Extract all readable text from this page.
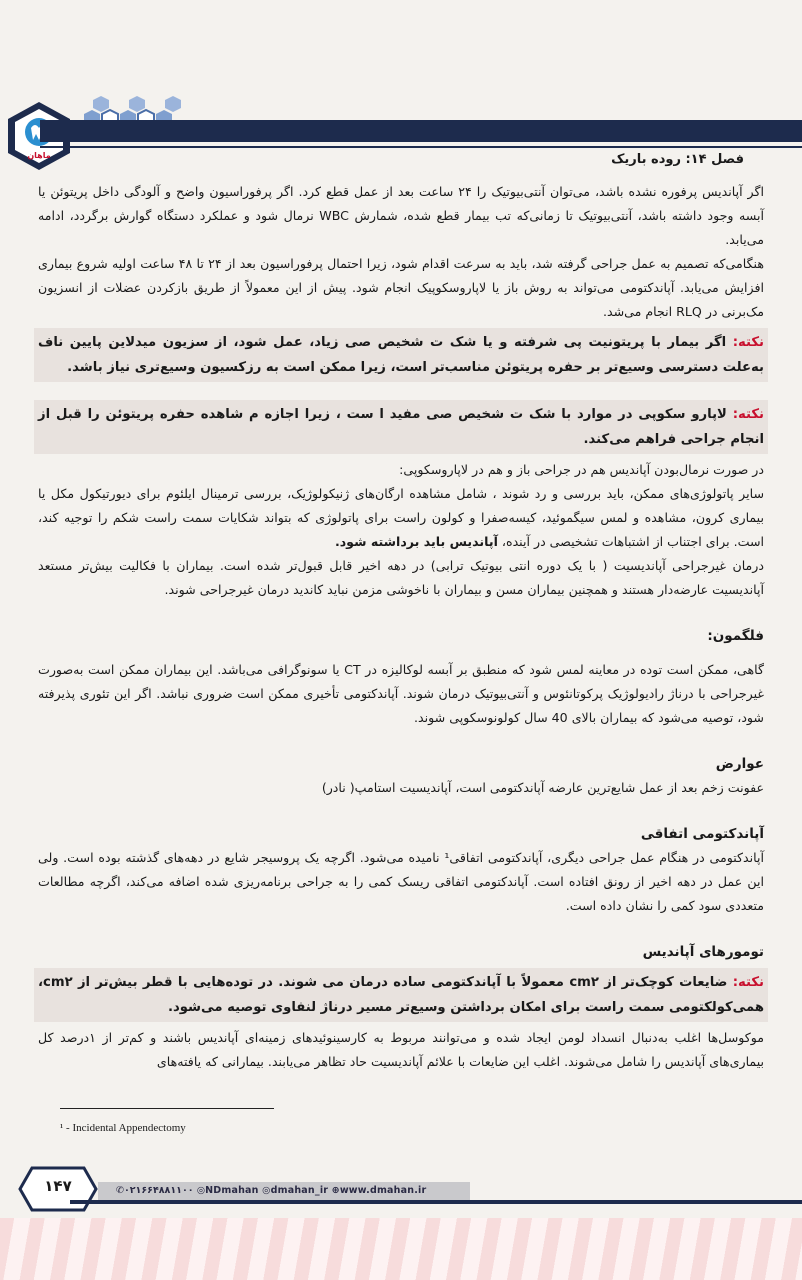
ماهان	فصل ۱۴: روده باریک

اگر آپاندیس پرفوره نشده باشد، می‌توان آنتی‌بیوتیک را ۲۴ ساعت بعد از عمل قطع کرد. اگر پرفوراسیون واضح و آلودگی داخل پریتوئن یا آبسه وجود داشته باشد، آنتی‌بیوتیک تا زمانی‌که تب بیمار قطع شده، شمارش WBC نرمال شود و عملکرد دستگاه گوارش برگردد، ادامه می‌یابد.

هنگامی‌که تصمیم به عمل جراحی گرفته شد، باید به سرعت اقدام شود، زیرا احتمال پرفوراسیون بعد از ۲۴ تا ۴۸ ساعت اولیه شروع بیماری افزایش می‌یابد. آپاندکتومی می‌تواند به روش باز یا لاپاروسکوپیک انجام شود. پیش از این معمولاً از طریق بازکردن عضلات از انسزیون مک‌برنی در RLQ انجام می‌شد.

نکته: اگر بیمار با پریتونیت پی شرفته و یا شک ت شخیص صی زیاد، عمل شود، از سزیون میدلاین پایین ناف به‌علت دسترسی وسیع‌تر بر حفره پریتوئن مناسب‌تر است، زیرا ممکن است به رزکسیون وسیع‌تری نیاز باشد.
نکته: لاپارو سکوپی در موارد با شک ت شخیص صی مفید ا ست ، زیرا اجازه م شاهده حفره پریتوئن را قبل از انجام جراحی فراهم می‌کند.

در صورت نرمال‌بودن آپاندیس هم در جراحی باز و هم در لاپاروسکوپی:

سایر پاتولوژی‌های ممکن، باید بررسی و رد شوند ، شامل مشاهده ارگان‌های ژنیکولوژیک، بررسی ترمینال ایلئوم برای دیورتیکول مکل یا بیماری کرون، مشاهده و لمس سیگموئید، کیسه‌صفرا و کولون راست برای پاتولوژی که بتواند شکایات سمت راست شکم را توجیه کند، است. برای اجتناب از اشتباهات تشخیصی در آینده، آپاندیس باید برداشته شود.

درمان غیرجراحی آپاندیسیت ( با یک دوره انتی بیوتیک ترابی) در دهه اخیر قابل قبول‌تر شده است. بیماران با فکالیت بیش‌تر مستعد آپاندیسیت عارضه‌دار هستند و همچنین بیماران مسن و بیماران با ناخوشی مزمن نباید کاندید درمان غیرجراحی شوند.

فلگمون:

گاهی، ممکن است توده در معاینه لمس شود که منطبق بر آبسه لوکالیزه در CT یا سونوگرافی می‌باشد. این بیماران ممکن است به‌صورت غیرجراحی با درناژ رادیولوژیک پرکوتانئوس و آنتی‌بیوتیک درمان شوند. آپاندکتومی تأخیری ممکن است ضروری نباشد. اگر این تئوری پذیرفته شود، توصیه می‌شود که بیماران بالای 40 سال کولونوسکوپی شوند.

عوارض

عفونت زخم بعد از عمل شایع‌ترین عارضه آپاندکتومی است، آپاندیسیت استامپ( نادر)

آپاندکتومی اتفاقی

آپاندکتومی در هنگام عمل جراحی دیگری، آپاندکتومی اتفاقی¹ نامیده می‌شود. اگرچه یک پروسیجر شایع در دهه‌های گذشته بوده است. ولی این عمل در دهه اخیر از رونق افتاده است. آپاندکتومی اتفاقی ریسک کمی را به جراحی برنامه‌ریزی شده اضافه می‌کند، اگرچه مطالعات متعددی سود کمی را نشان داده است.

تومورهای آپاندیس

نکته: ضایعات کوچک‌تر از cm۲ معمولاً با آپاندکتومی ساده درمان می شوند. در توده‌هایی با قطر بیش‌تر از cm۲، همی‌کولکتومی سمت راست برای امکان برداشتن وسیع‌تر مسیر درناژ لنفاوی توصیه می‌شود.

موکوسل‌ها اغلب به‌دنبال انسداد لومن ایجاد شده و می‌توانند مربوط به کارسینوئیدهای زمینه‌ای آپاندیس باشند و کم‌تر از ۱درصد کل بیماری‌های آپاندیس را شامل می‌شوند. اغلب این ضایعات با علائم آپاندیسیت حاد تظاهر می‌یابند. بیمارانی که یافته‌های

¹ - Incidental Appendectomy
۱۴۷	✆۰۲۱۶۶۴۸۸۱۱۰۰ ◎NDmahan ◎dmahan_ir ⊕www.dmahan.ir
